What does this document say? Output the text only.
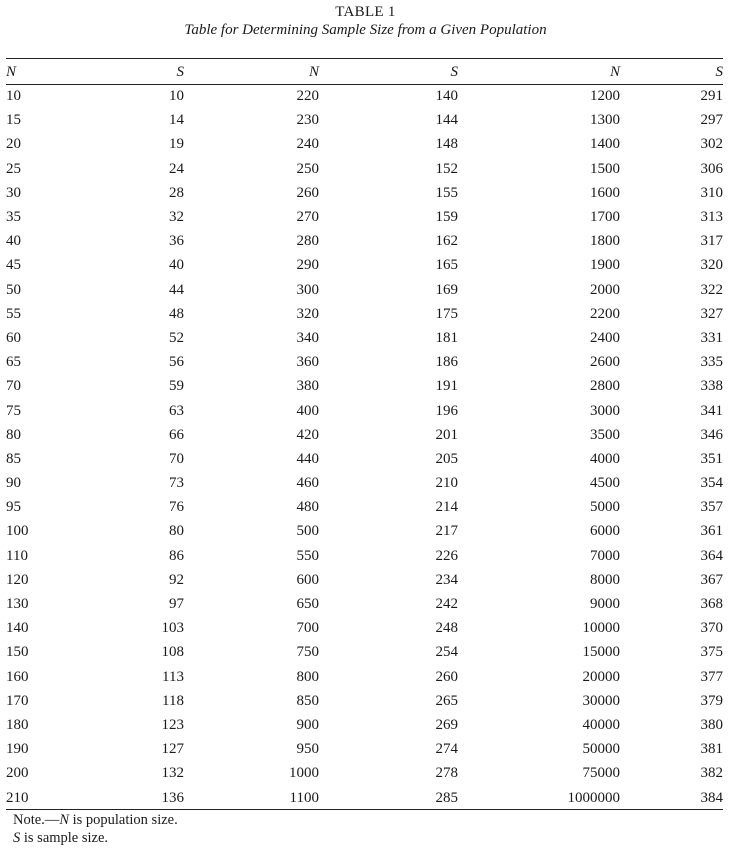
TABLE 1
Table for Determining Sample Size from a Given Population
N	S	N	S	N	S
10	10	220	140	1200	291
15	14	230	144	1300	297
20	19	240	148	1400	302
25	24	250	152	1500	306
30	28	260	155	1600	310
35	32	270	159	1700	313
40	36	280	162	1800	317
45	40	290	165	1900	320
50	44	300	169	2000	322
55	48	320	175	2200	327
60	52	340	181	2400	331
65	56	360	186	2600	335
70	59	380	191	2800	338
75	63	400	196	3000	341
80	66	420	201	3500	346
85	70	440	205	4000	351
90	73	460	210	4500	354
95	76	480	214	5000	357
100	80	500	217	6000	361
110	86	550	226	7000	364
120	92	600	234	8000	367
130	97	650	242	9000	368
140	103	700	248	10000	370
150	108	750	254	15000	375
160	113	800	260	20000	377
170	118	850	265	30000	379
180	123	900	269	40000	380
190	127	950	274	50000	381
200	132	1000	278	75000	382
210	136	1100	285	1000000	384
Note.—N is population size.
S is sample size.
